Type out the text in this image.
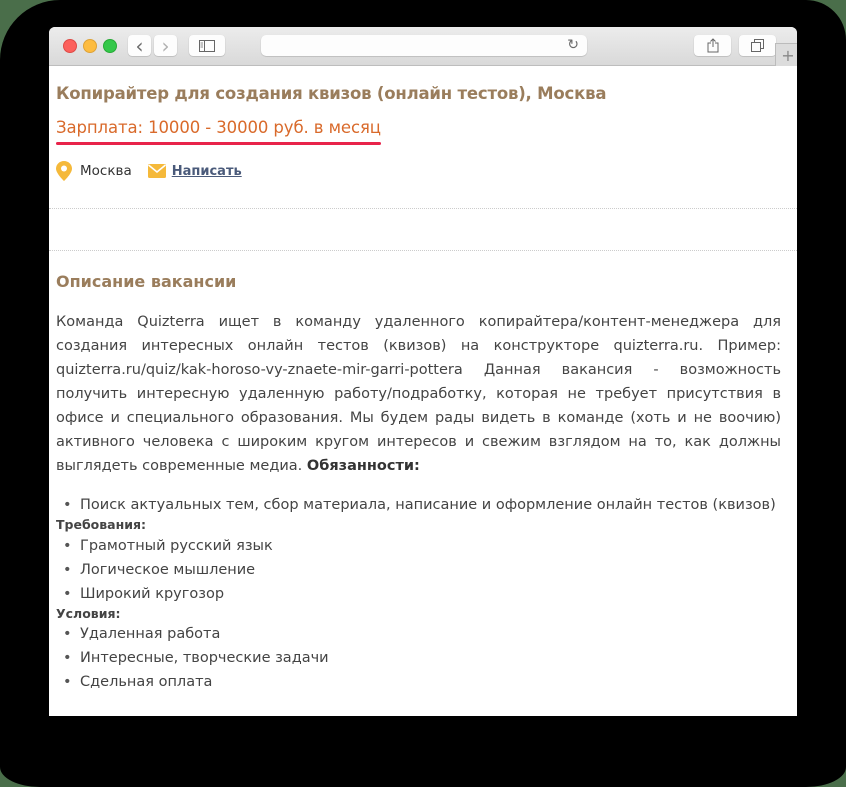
‹ ›	↻
+
Копирайтер для создания квизов (онлайн тестов), Москва
Зарплата: 10000 - 30000 руб. в месяц
Москва	Написать
Описание вакансии
Команда Quizterra ищет в команду удаленного копирайтера/контент-менеджера для создания интересных онлайн тестов (квизов) на конструкторе quizterra.ru. Пример: quizterra.ru/quiz/kak-horoso-vy-znaete-mir-garri-pottera Данная вакансия - возможность получить интересную удаленную работу/подработку, которая не требует присутствия в офисе и специального образования. Мы будем рады видеть в команде (хоть и не воочию) активного человека с широким кругом интересов и свежим взглядом на то, как должны выглядеть современные медиа. Обязанности:
• Поиск актуальных тем, сбор материала, написание и оформление онлайн тестов (квизов)
Требования:
• Грамотный русский язык
• Логическое мышление
• Широкий кругозор
Условия:
• Удаленная работа
• Интересные, творческие задачи
• Сдельная оплата
